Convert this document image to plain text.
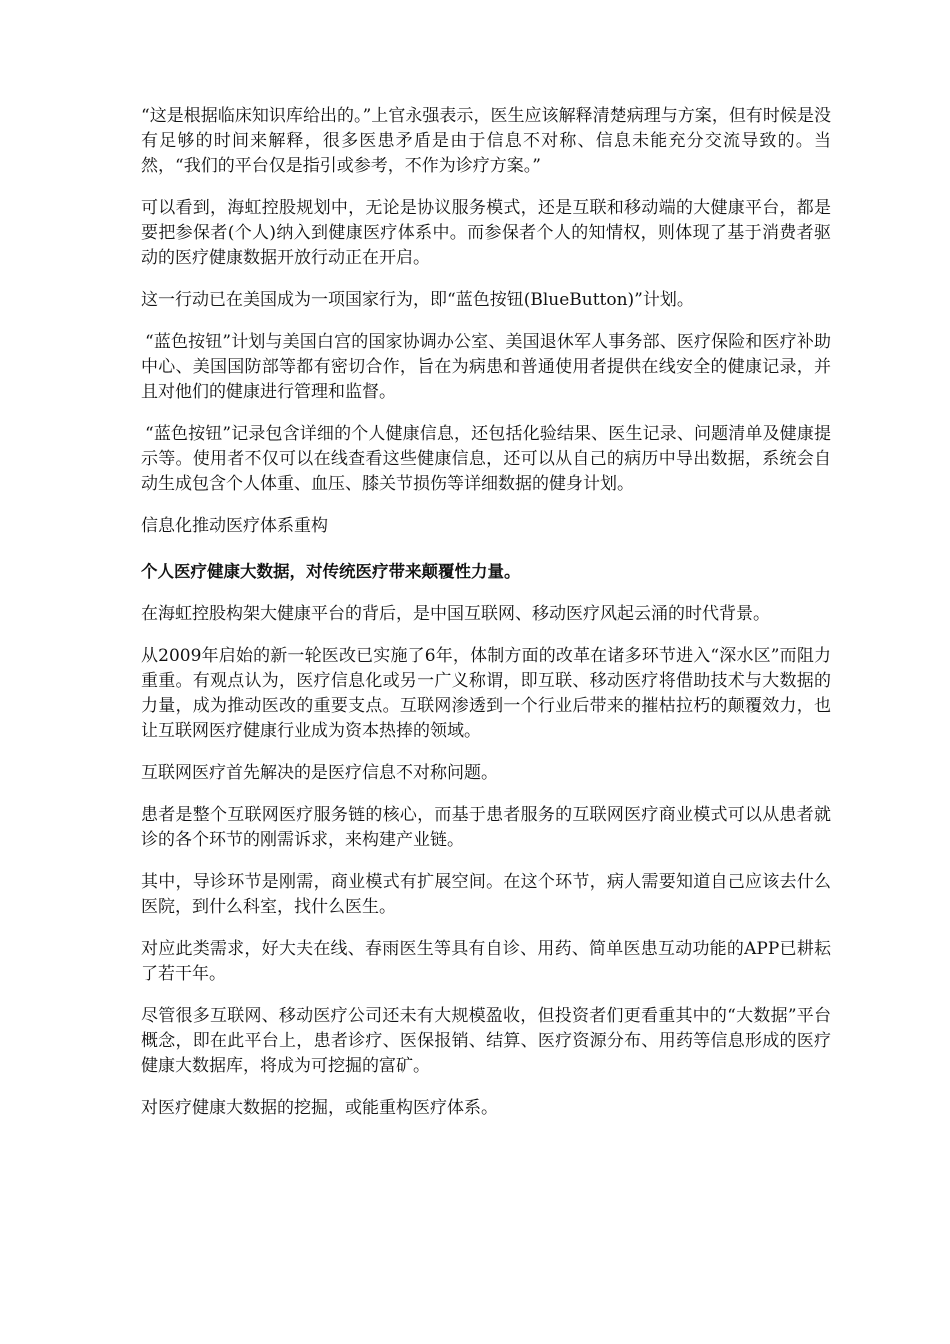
“这是根据临床知识库给出的。”上官永强表示，医生应该解释清楚病理与方案，但有时候是没有足够的时间来解释，很多医患矛盾是由于信息不对称、信息未能充分交流导致的。当然，“我们的平台仅是指引或参考，不作为诊疗方案。”

可以看到，海虹控股规划中，无论是协议服务模式，还是互联和移动端的大健康平台，都是要把参保者(个人)纳入到健康医疗体系中。而参保者个人的知情权，则体现了基于消费者驱动的医疗健康数据开放行动正在开启。

这一行动已在美国成为一项国家行为，即“蓝色按钮(BlueButton)”计划。

“蓝色按钮”计划与美国白宫的国家协调办公室、美国退休军人事务部、医疗保险和医疗补助中心、美国国防部等都有密切合作，旨在为病患和普通使用者提供在线安全的健康记录，并且对他们的健康进行管理和监督。

“蓝色按钮”记录包含详细的个人健康信息，还包括化验结果、医生记录、问题清单及健康提示等。使用者不仅可以在线查看这些健康信息，还可以从自己的病历中导出数据，系统会自动生成包含个人体重、血压、膝关节损伤等详细数据的健身计划。

信息化推动医疗体系重构

个人医疗健康大数据，对传统医疗带来颠覆性力量。

在海虹控股构架大健康平台的背后，是中国互联网、移动医疗风起云涌的时代背景。

从2009年启始的新一轮医改已实施了6年，体制方面的改革在诸多环节进入“深水区”而阻力重重。有观点认为，医疗信息化或另一广义称谓，即互联、移动医疗将借助技术与大数据的力量，成为推动医改的重要支点。互联网渗透到一个行业后带来的摧枯拉朽的颠覆效力，也让互联网医疗健康行业成为资本热捧的领域。

互联网医疗首先解决的是医疗信息不对称问题。

患者是整个互联网医疗服务链的核心，而基于患者服务的互联网医疗商业模式可以从患者就诊的各个环节的刚需诉求，来构建产业链。

其中，导诊环节是刚需，商业模式有扩展空间。在这个环节，病人需要知道自己应该去什么医院，到什么科室，找什么医生。

对应此类需求，好大夫在线、春雨医生等具有自诊、用药、简单医患互动功能的APP已耕耘了若干年。

尽管很多互联网、移动医疗公司还未有大规模盈收，但投资者们更看重其中的“大数据”平台概念，即在此平台上，患者诊疗、医保报销、结算、医疗资源分布、用药等信息形成的医疗健康大数据库，将成为可挖掘的富矿。

对医疗健康大数据的挖掘，或能重构医疗体系。
